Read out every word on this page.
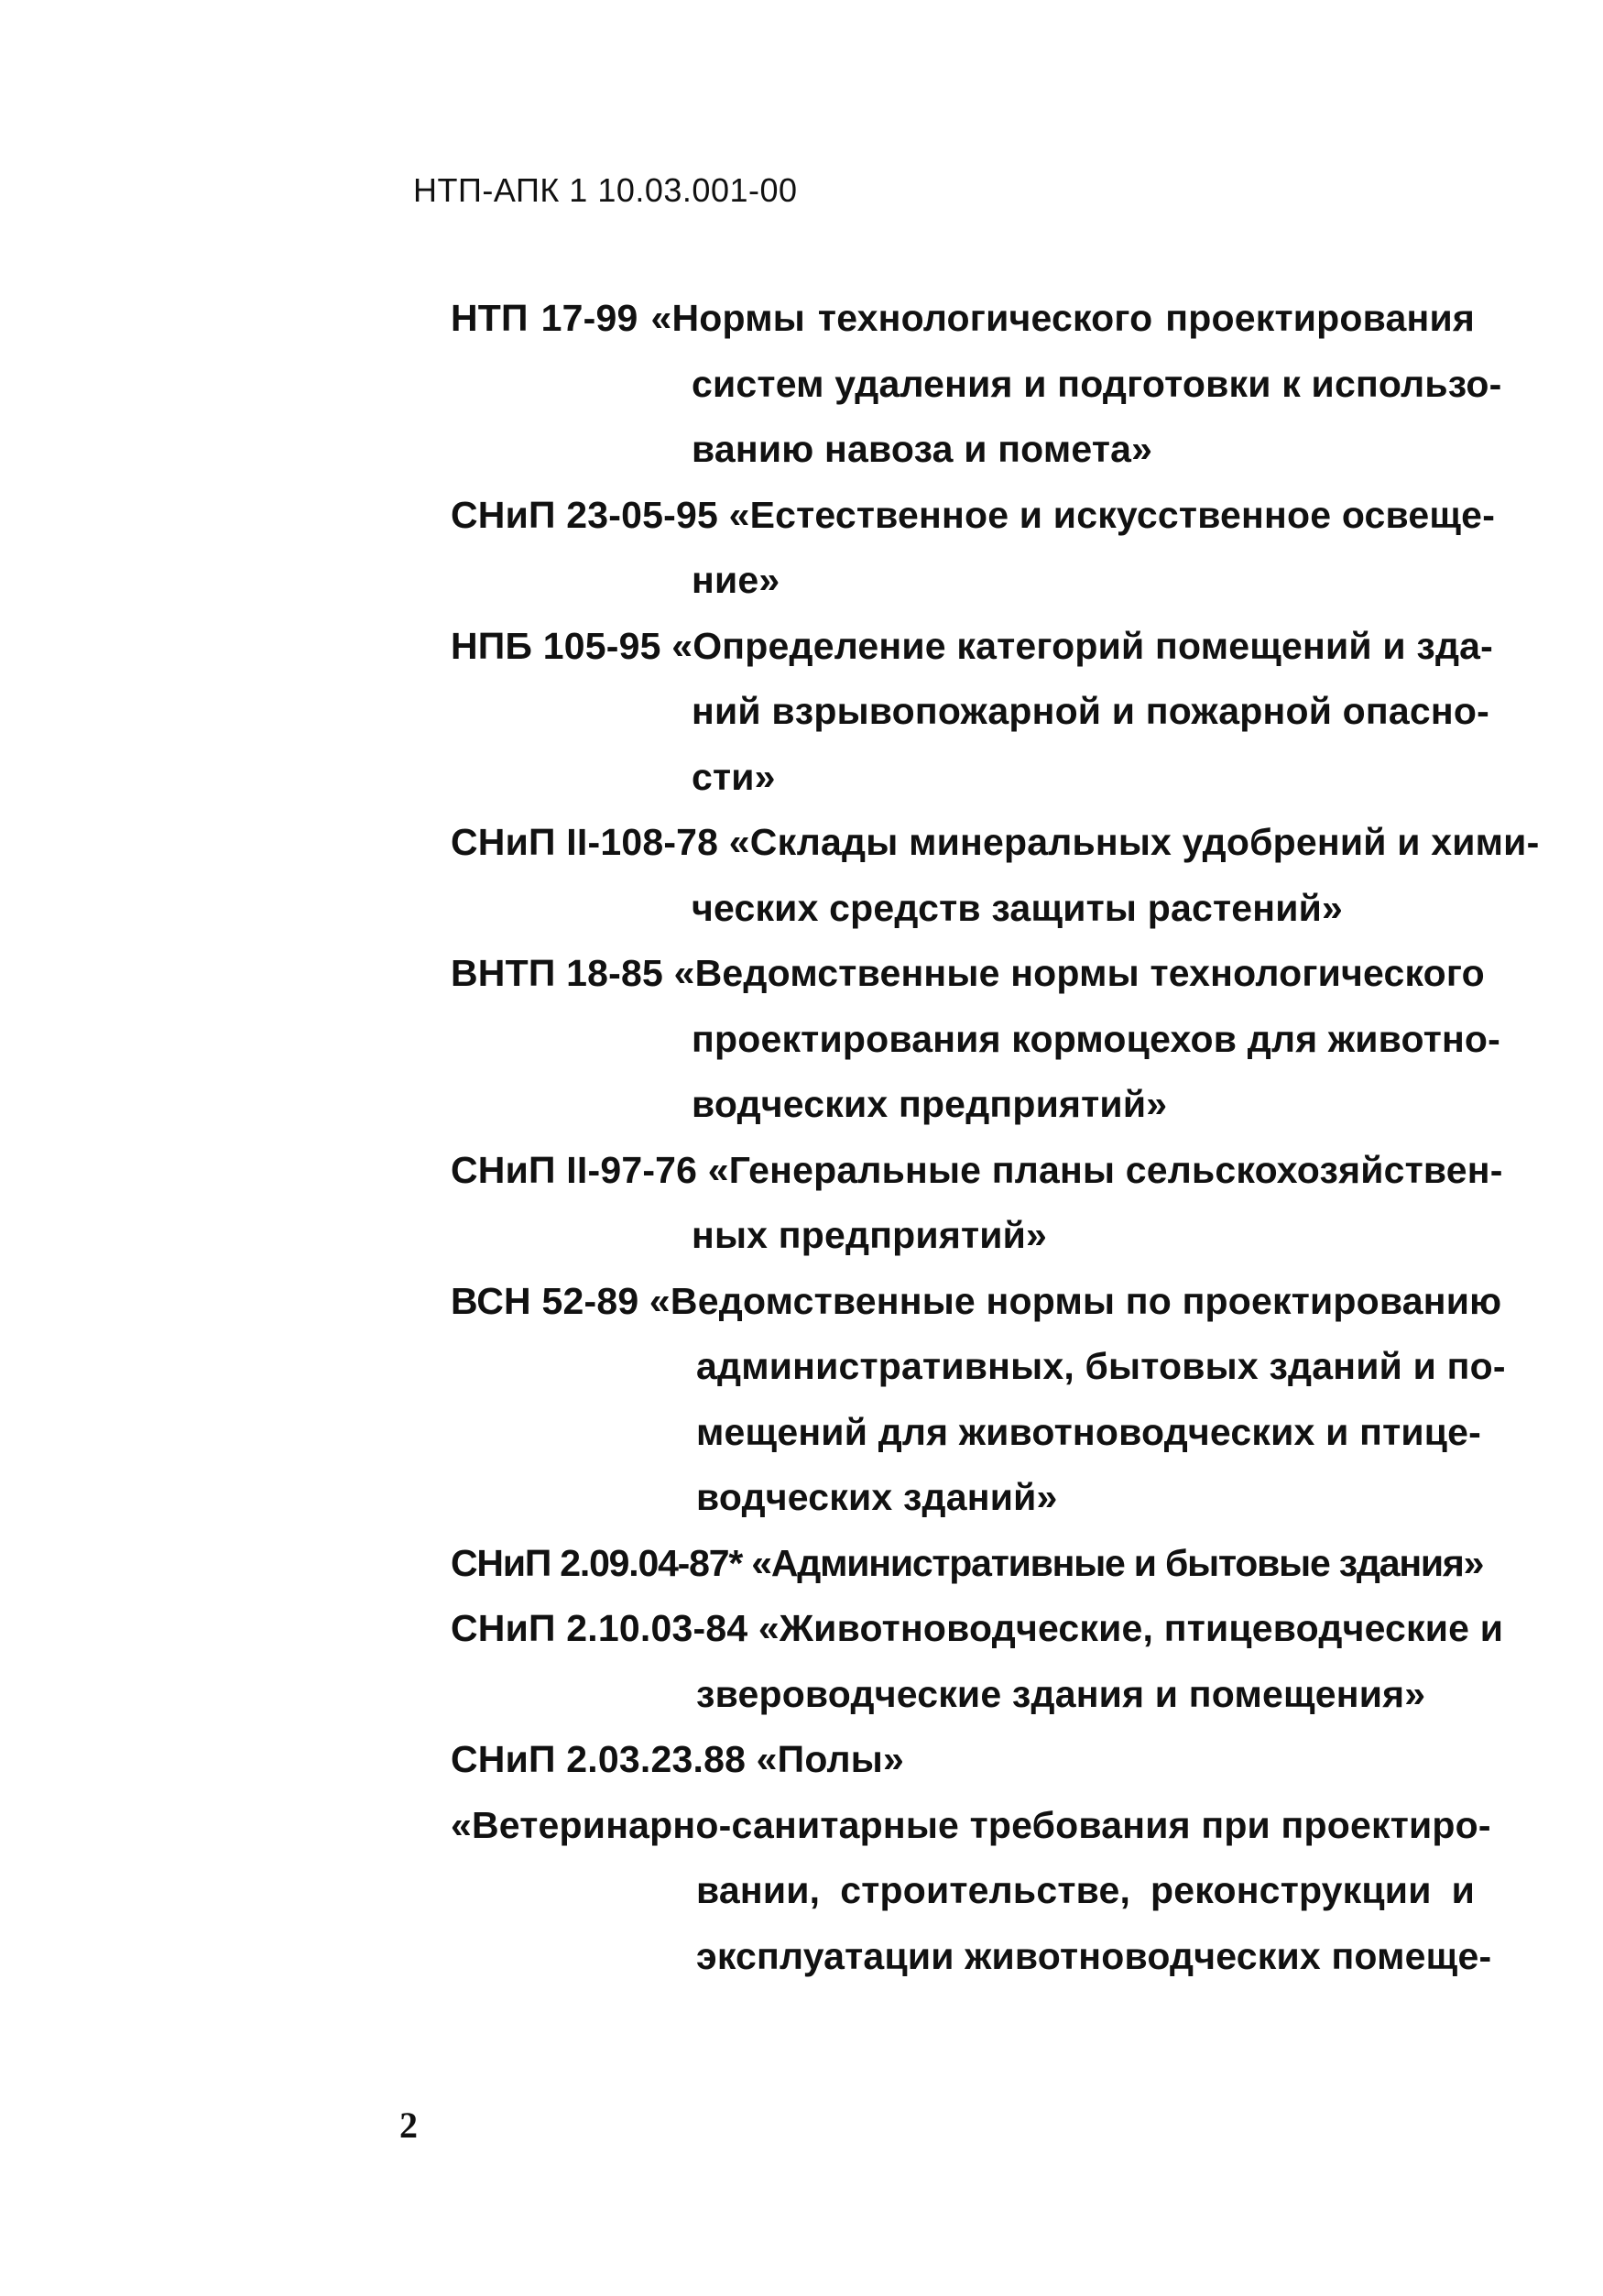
НТП-АПК 1 10.03.001-00
НТП 17-99 «Нормы технологического проектирования
систем удаления и подготовки к использо-
ванию навоза и помета»
СНиП 23-05-95 «Естественное и искусственное освеще-
ние»
НПБ 105-95 «Определение категорий помещений и зда-
ний взрывопожарной и пожарной опасно-
сти»
СНиП II-108-78 «Склады минеральных удобрений и хими-
ческих средств защиты растений»
ВНТП 18-85 «Ведомственные нормы технологического
проектирования кормоцехов для животно-
водческих предприятий»
СНиП II-97-76 «Генеральные планы сельскохозяйствен-
ных предприятий»
ВСН 52-89 «Ведомственные нормы по проектированию
административных, бытовых зданий и по-
мещений для животноводческих и птице-
водческих зданий»
СНиП 2.09.04-87* «Административные и бытовые здания»
СНиП 2.10.03-84 «Животноводческие, птицеводческие и
звероводческие здания и помещения»
СНиП 2.03.23.88 «Полы»
«Ветеринарно-санитарные требования при проектиро-
вании, строительстве, реконструкции и
эксплуатации животноводческих помеще-
2
